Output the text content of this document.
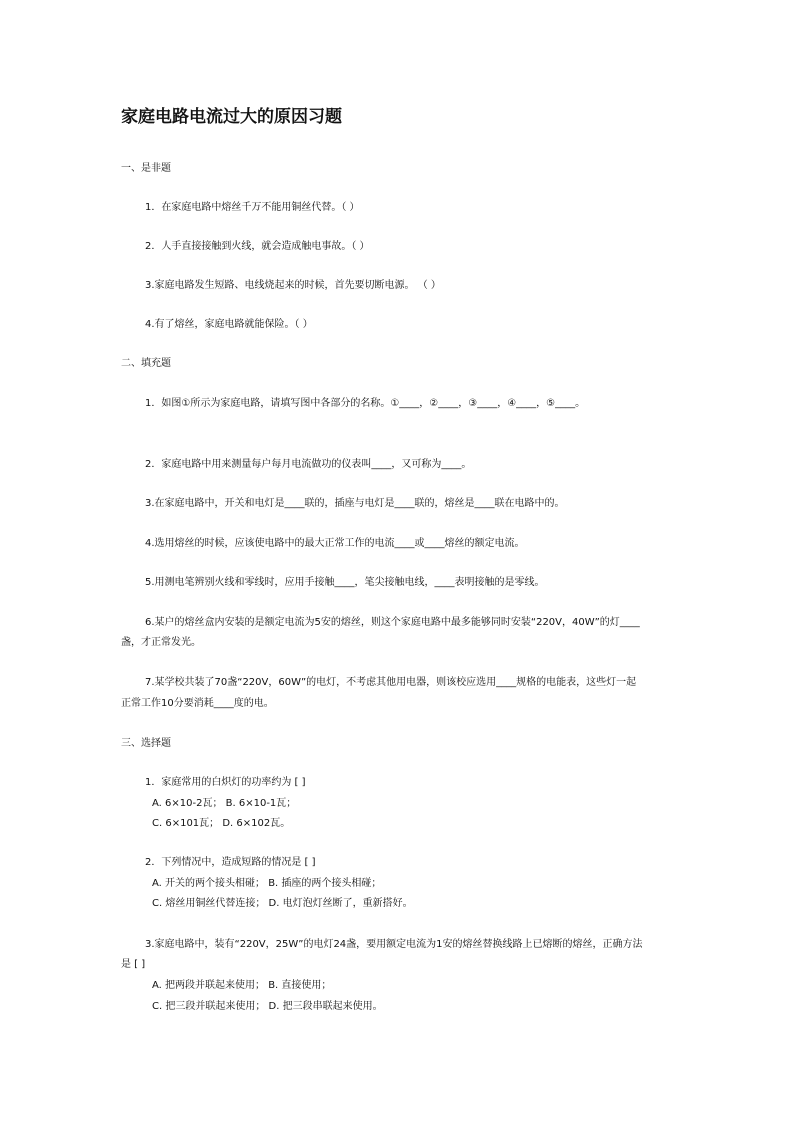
家庭电路电流过大的原因习题
一、是非题
1．在家庭电路中熔丝千万不能用铜丝代替。（ ）
2．人手直接接触到火线，就会造成触电事故。（ ）
3.家庭电路发生短路、电线烧起来的时候，首先要切断电源。 （ ）
4.有了熔丝，家庭电路就能保险。（ ）
二、填充题
1．如图①所示为家庭电路，请填写图中各部分的名称。①____，②____，③____，④____，⑤____。
2．家庭电路中用来测量每户每月电流做功的仪表叫____，又可称为____。
3.在家庭电路中，开关和电灯是____联的，插座与电灯是____联的，熔丝是____联在电路中的。
4.选用熔丝的时候，应该使电路中的最大正常工作的电流____或____熔丝的额定电流。
5.用测电笔辨别火线和零线时，应用手接触____，笔尖接触电线，____表明接触的是零线。
6.某户的熔丝盒内安装的是额定电流为5安的熔丝，则这个家庭电路中最多能够同时安装“220V，40W”的灯____
盏，才正常发光。
7.某学校共装了70盏“220V，60W”的电灯，不考虑其他用电器，则该校应选用____规格的电能表，这些灯一起
正常工作10分要消耗____度的电。
三、选择题
1．家庭常用的白炽灯的功率约为 [ ]
A. 6×10-2瓦； B. 6×10-1瓦；
C. 6×101瓦； D. 6×102瓦。
2．下列情况中，造成短路的情况是 [ ]
A. 开关的两个接头相碰； B. 插座的两个接头相碰；
C. 熔丝用铜丝代替连接； D. 电灯泡灯丝断了，重新搭好。
3.家庭电路中，装有“220V，25W”的电灯24盏，要用额定电流为1安的熔丝替换线路上已熔断的熔丝，正确方法
是 [ ]
A. 把两段并联起来使用； B. 直接使用；
C. 把三段并联起来使用； D. 把三段串联起来使用。
